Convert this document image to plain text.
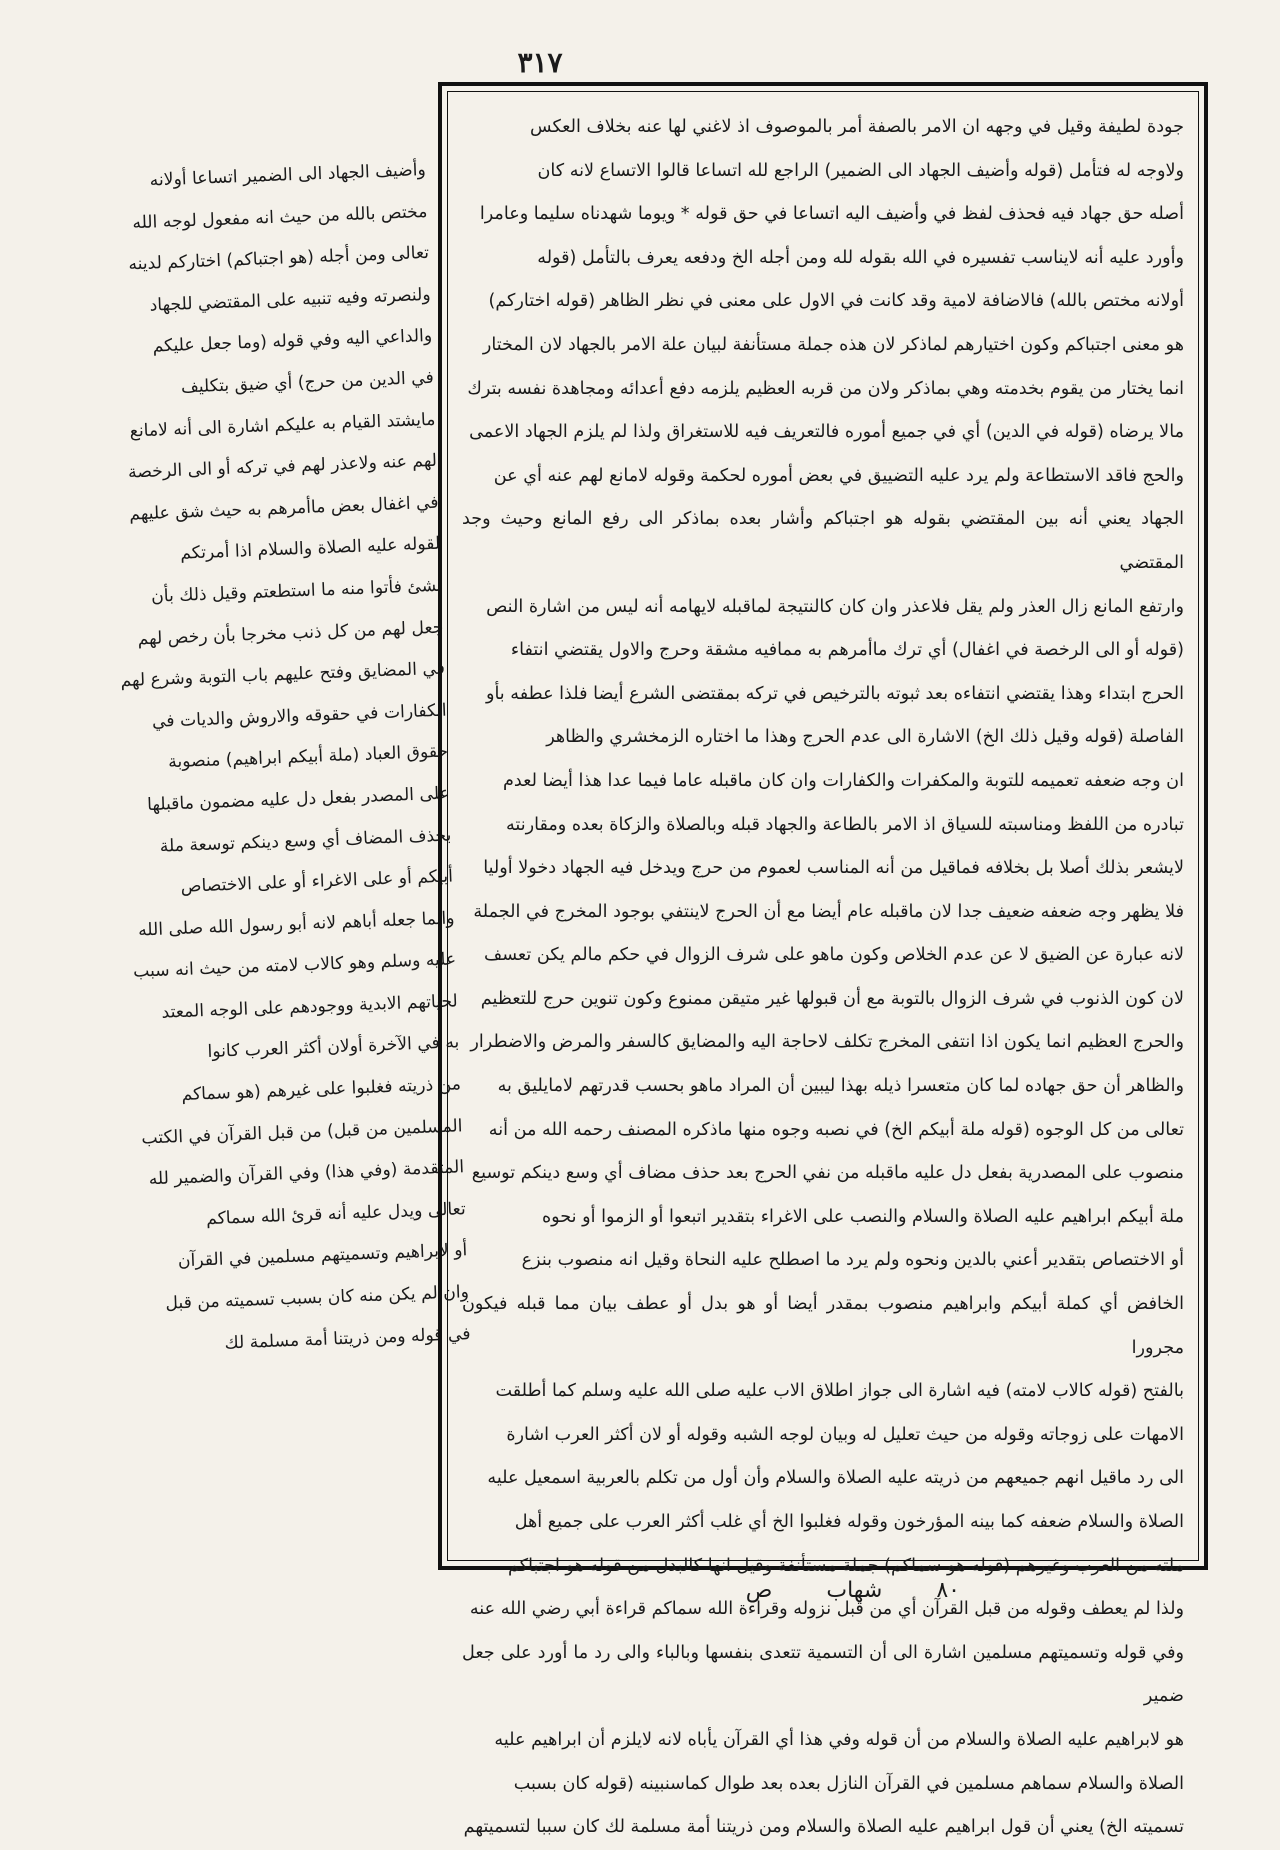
٣١٧

وأضيف الجهاد الى الضمير اتساعا أولانه
مختص بالله من حيث انه مفعول لوجه الله
تعالى ومن أجله (هو اجتباكم) اختاركم لدينه
ولنصرته وفيه تنبيه على المقتضي للجهاد
والداعي اليه وفي قوله (وما جعل عليكم
في الدين من حرج) أي ضيق بتكليف
مايشتد القيام به عليكم اشارة الى أنه لامانع
لهم عنه ولاعذر لهم في تركه أو الى الرخصة
في اغفال بعض ماأمرهم به حيث شق عليهم
لقوله عليه الصلاة والسلام اذا أمرتكم
بشئ فأتوا منه ما استطعتم وقيل ذلك بأن
جعل لهم من كل ذنب مخرجا بأن رخص لهم
في المضايق وفتح عليهم باب التوبة وشرع لهم
الكفارات في حقوقه والاروش والديات في
حقوق العباد (ملة أبيكم ابراهيم) منصوبة
على المصدر بفعل دل عليه مضمون ماقبلها
بحذف المضاف أي وسع دينكم توسعة ملة
أبيكم أو على الاغراء أو على الاختصاص
وانما جعله أباهم لانه أبو رسول الله صلى الله
عليه وسلم وهو كالاب لامته من حيث انه سبب
لحياتهم الابدية ووجودهم على الوجه المعتد
به في الآخرة أولان أكثر العرب كانوا
من ذريته فغلبوا على غيرهم (هو سماكم
المسلمين من قبل) من قبل القرآن في الكتب
المتقدمة (وفي هذا) وفي القرآن والضمير لله
تعالى ويدل عليه أنه قرئ الله سماكم
أو لابراهيم وتسميتهم مسلمين في القرآن
وان لم يكن منه كان بسبب تسميته من قبل
في قوله ومن ذريتنا أمة مسلمة لك

جودة لطيفة وقيل في وجهه ان الامر بالصفة أمر بالموصوف اذ لاغني لها عنه بخلاف العكس
ولاوجه له فتأمل (قوله وأضيف الجهاد الى الضمير) الراجع لله اتساعا قالوا الاتساع لانه كان
أصله حق جهاد فيه فحذف لفظ في وأضيف اليه اتساعا في حق قوله * ويوما شهدناه سليما وعامرا
وأورد عليه أنه لايناسب تفسيره في الله بقوله لله ومن أجله الخ ودفعه يعرف بالتأمل (قوله
أولانه مختص بالله) فالاضافة لامية وقد كانت في الاول على معنى في نظر الظاهر (قوله اختاركم)
هو معنى اجتباكم وكون اختيارهم لماذكر لان هذه جملة مستأنفة لبيان علة الامر بالجهاد لان المختار
انما يختار من يقوم بخدمته وهي بماذكر ولان من قربه العظيم يلزمه دفع أعدائه ومجاهدة نفسه بترك
مالا يرضاه (قوله في الدين) أي في جميع أموره فالتعريف فيه للاستغراق ولذا لم يلزم الجهاد الاعمى
والحج فاقد الاستطاعة ولم يرد عليه التضييق في بعض أموره لحكمة وقوله لامانع لهم عنه أي عن
الجهاد يعني أنه بين المقتضي بقوله هو اجتباكم وأشار بعده بماذكر الى رفع المانع وحيث وجد المقتضي
وارتفع المانع زال العذر ولم يقل فلاعذر وان كان كالنتيجة لماقبله لايهامه أنه ليس من اشارة النص
(قوله أو الى الرخصة في اغفال) أي ترك ماأمرهم به ممافيه مشقة وحرج والاول يقتضي انتفاء
الحرج ابتداء وهذا يقتضي انتفاءه بعد ثبوته بالترخيص في تركه بمقتضى الشرع أيضا فلذا عطفه بأو
الفاصلة (قوله وقيل ذلك الخ) الاشارة الى عدم الحرج وهذا ما اختاره الزمخشري والظاهر
ان وجه ضعفه تعميمه للتوبة والمكفرات والكفارات وان كان ماقبله عاما فيما عدا هذا أيضا لعدم
تبادره من اللفظ ومناسبته للسياق اذ الامر بالطاعة والجهاد قبله وبالصلاة والزكاة بعده ومقارنته
لايشعر بذلك أصلا بل بخلافه فماقيل من أنه المناسب لعموم من حرج ويدخل فيه الجهاد دخولا أوليا
فلا يظهر وجه ضعفه ضعيف جدا لان ماقبله عام أيضا مع أن الحرج لاينتفي بوجود المخرج في الجملة
لانه عبارة عن الضيق لا عن عدم الخلاص وكون ماهو على شرف الزوال في حكم مالم يكن تعسف
لان كون الذنوب في شرف الزوال بالتوبة مع أن قبولها غير متيقن ممنوع وكون تنوين حرج للتعظيم
والحرج العظيم انما يكون اذا انتفى المخرج تكلف لاحاجة اليه والمضايق كالسفر والمرض والاضطرار
والظاهر أن حق جهاده لما كان متعسرا ذيله بهذا ليبين أن المراد ماهو بحسب قدرتهم لامايليق به
تعالى من كل الوجوه (قوله ملة أبيكم الخ) في نصبه وجوه منها ماذكره المصنف رحمه الله من أنه
منصوب على المصدرية بفعل دل عليه ماقبله من نفي الحرج بعد حذف مضاف أي وسع دينكم توسيع
ملة أبيكم ابراهيم عليه الصلاة والسلام والنصب على الاغراء بتقدير اتبعوا أو الزموا أو نحوه
أو الاختصاص بتقدير أعني بالدين ونحوه ولم يرد ما اصطلح عليه النحاة وقيل انه منصوب بنزع
الخافض أي كملة أبيكم وابراهيم منصوب بمقدر أيضا أو هو بدل أو عطف بيان مما قبله فيكون مجرورا
بالفتح (قوله كالاب لامته) فيه اشارة الى جواز اطلاق الاب عليه صلى الله عليه وسلم كما أطلقت
الامهات على زوجاته وقوله من حيث تعليل له وبيان لوجه الشبه وقوله أو لان أكثر العرب اشارة
الى رد ماقيل انهم جميعهم من ذريته عليه الصلاة والسلام وأن أول من تكلم بالعربية اسمعيل عليه
الصلاة والسلام ضعفه كما بينه المؤرخون وقوله فغلبوا الخ أي غلب أكثر العرب على جميع أهل
ملته من العرب وغيرهم (قوله هو سماكم) جملة مستأنفة وقيل انها كالبدل من قوله هو اجتباكم
ولذا لم يعطف وقوله من قبل القرآن أي من قبل نزوله وقراءة الله سماكم قراءة أبي رضي الله عنه
وفي قوله وتسميتهم مسلمين اشارة الى أن التسمية تتعدى بنفسها وبالباء والى رد ما أورد على جعل ضمير
هو لابراهيم عليه الصلاة والسلام من أن قوله وفي هذا أي القرآن يأباه لانه لايلزم أن ابراهيم عليه
الصلاة والسلام سماهم مسلمين في القرآن النازل بعده بعد طوال كماسنبينه (قوله كان بسبب
تسميته الخ) يعني أن قول ابراهيم عليه الصلاة والسلام ومن ذريتنا أمة مسلمة لك كان سببا لتسميتهم

٨٠
شهاب
ص
